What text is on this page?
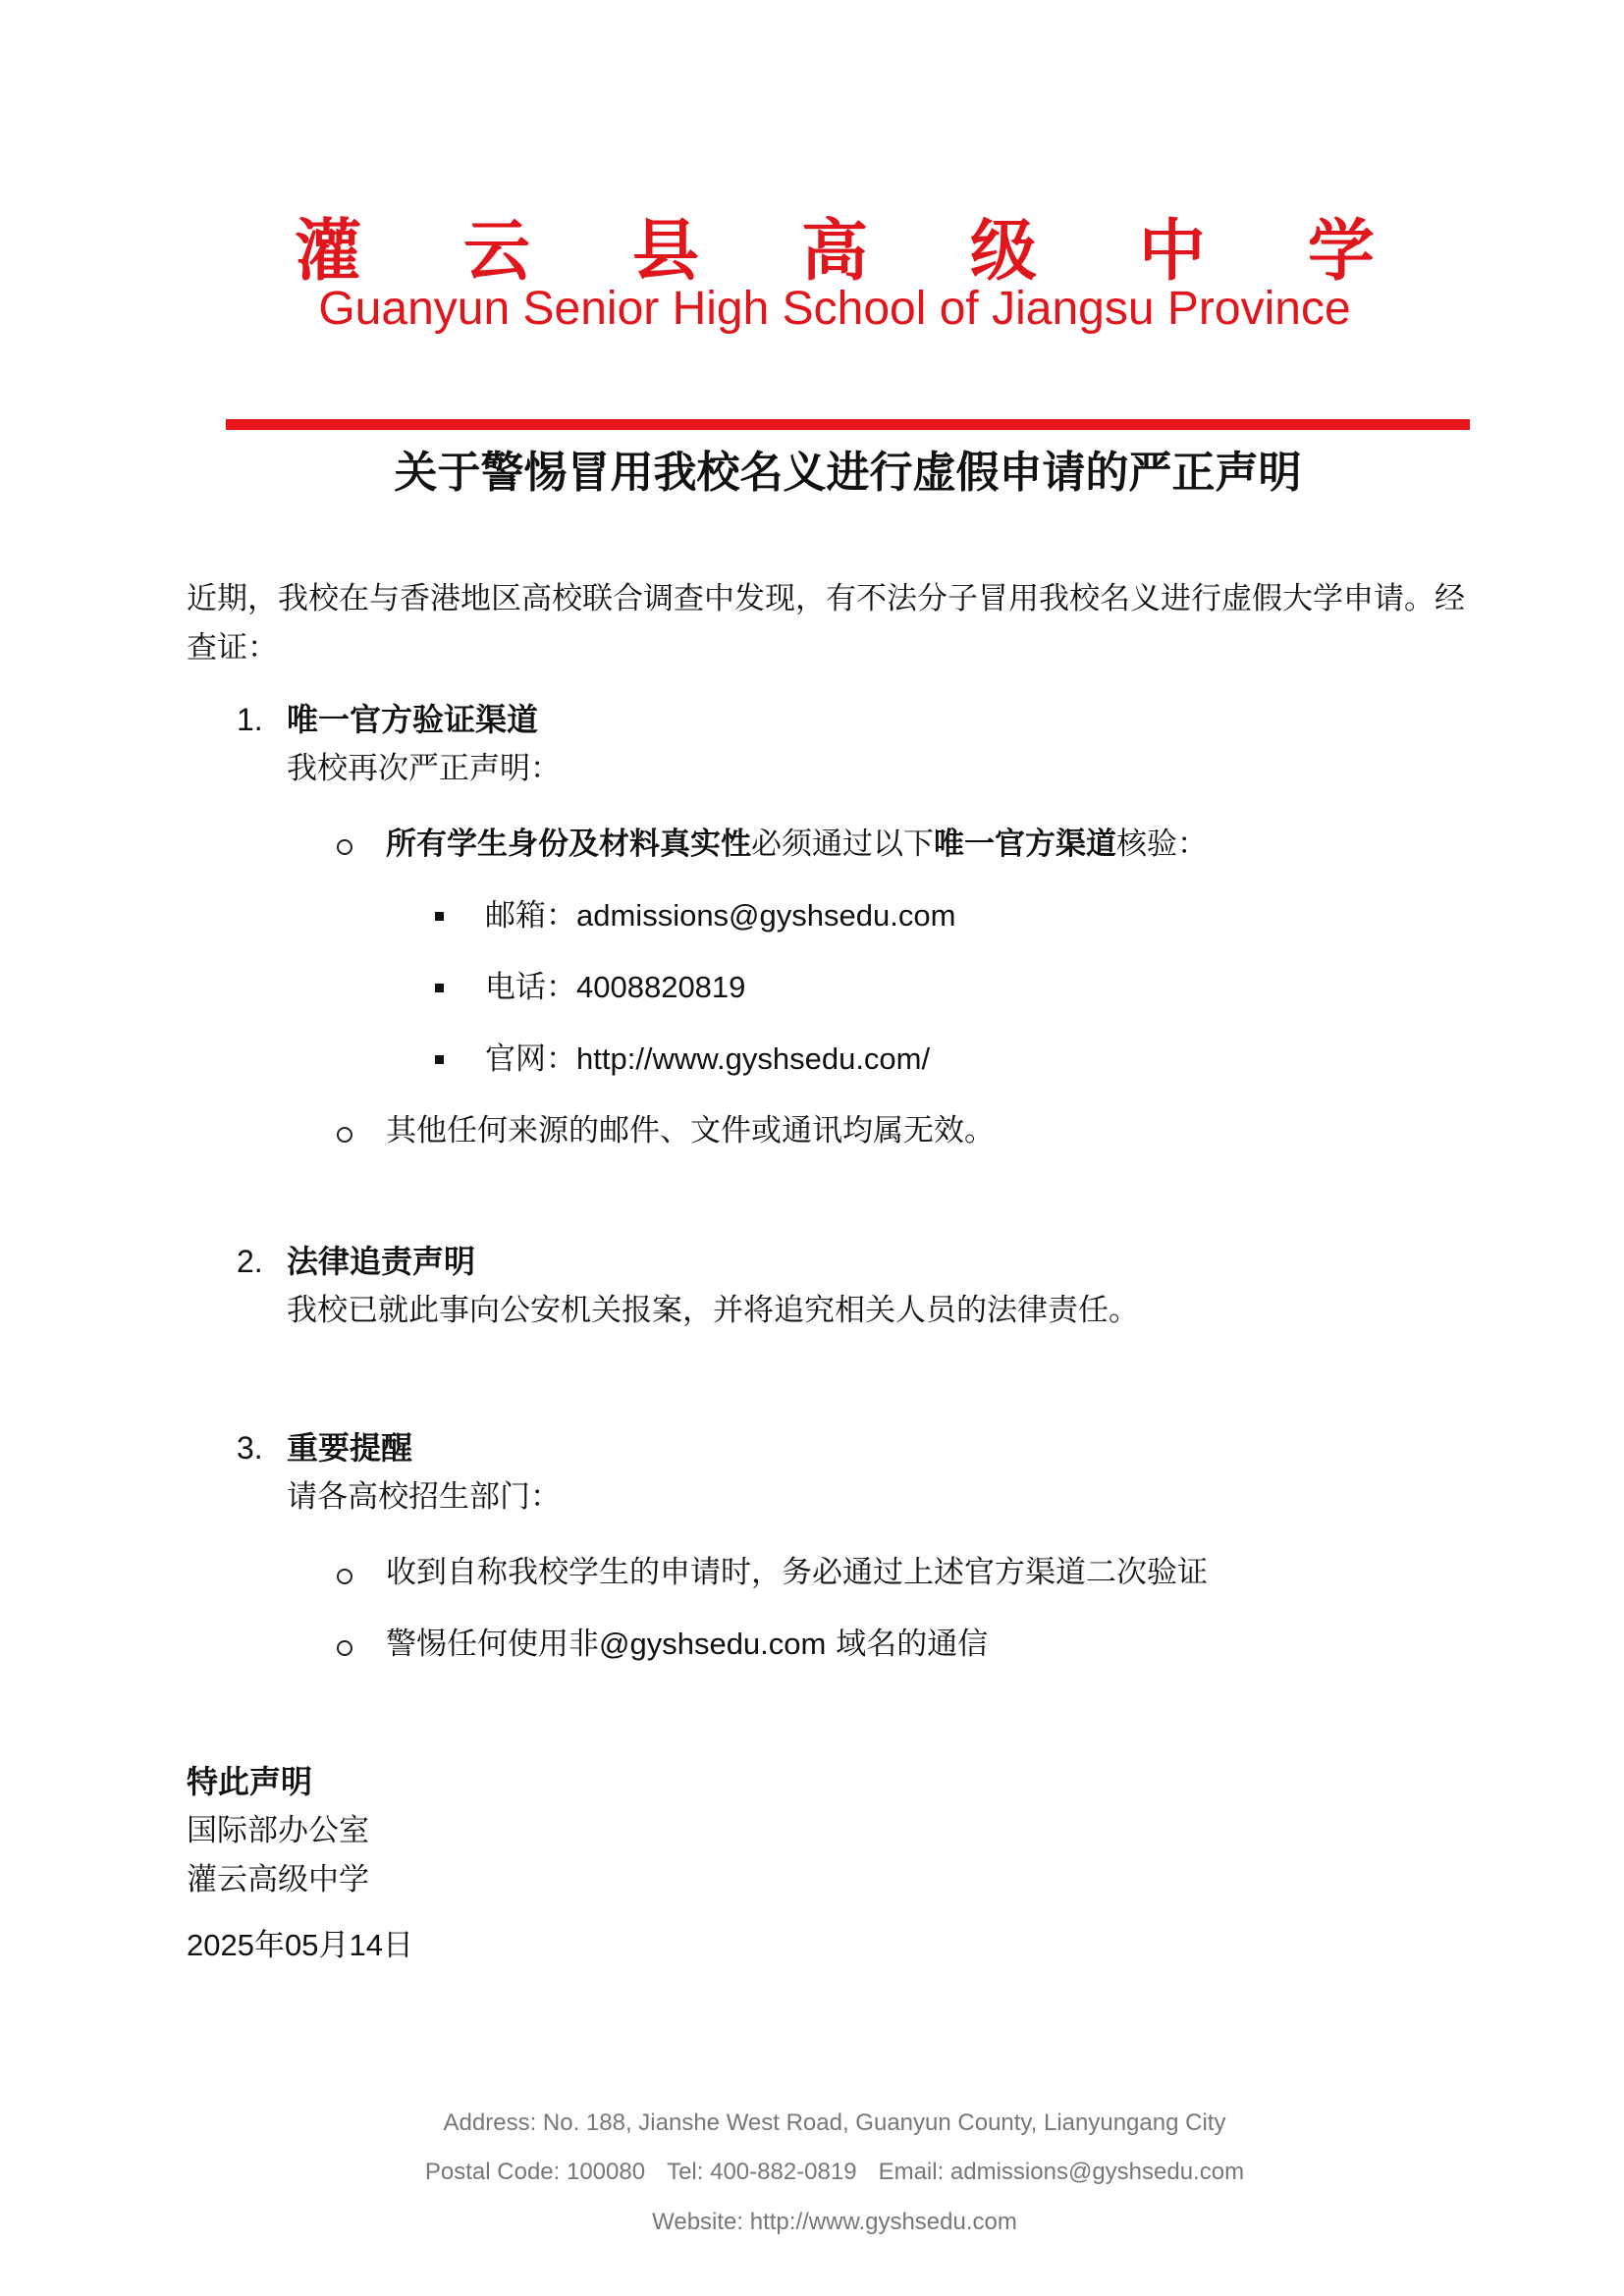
灌 云 县 高 级 中 学
Guanyun Senior High School of Jiangsu Province
关于警惕冒用我校名义进行虚假申请的严正声明

近期，我校在与香港地区高校联合调查中发现，有不法分子冒用我校名义进行虚假大学申请。经查证：

1. 唯一官方验证渠道
我校再次严正声明：
所有学生身份及材料真实性必须通过以下唯一官方渠道核验：
邮箱：admissions@gyshsedu.com
电话：4008820819
官网：http://www.gyshsedu.com/
其他任何来源的邮件、文件或通讯均属无效。
2. 法律追责声明
我校已就此事向公安机关报案，并将追究相关人员的法律责任。
3. 重要提醒
请各高校招生部门：
收到自称我校学生的申请时，务必通过上述官方渠道二次验证
警惕任何使用非@gyshsedu.com 域名的通信
特此声明
国际部办公室
灌云高级中学
2025年05月14日
Address: No. 188, Jianshe West Road, Guanyun County, Lianyungang City
Postal Code: 100080 Tel: 400-882-0819 Email: admissions@gyshsedu.com
Website: http://www.gyshsedu.com
